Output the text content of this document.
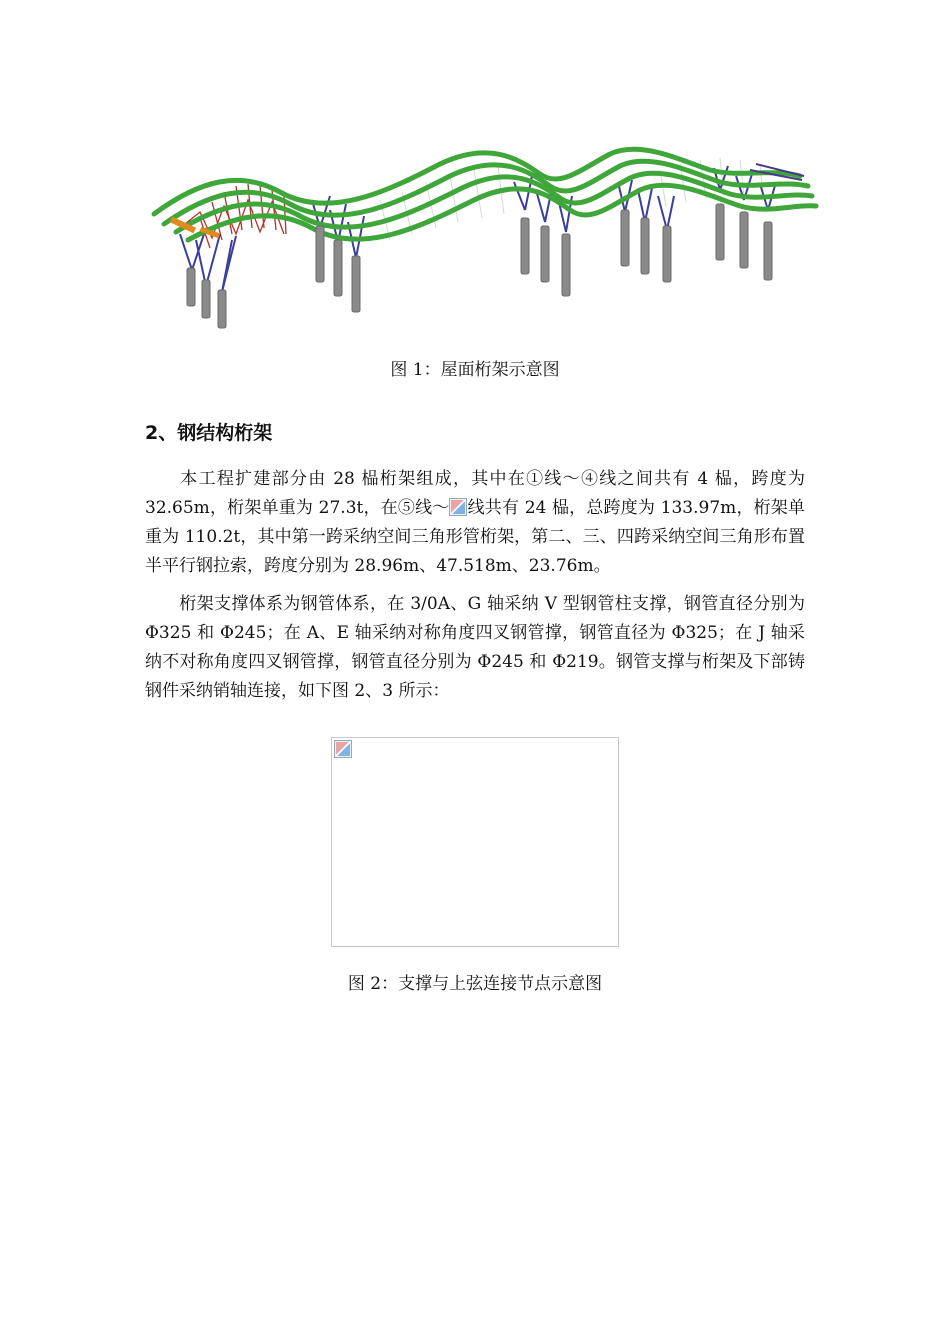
图 1：屋面桁架示意图
2、钢结构桁架

本工程扩建部分由 28 榀桁架组成，其中在①线～④线之间共有 4 榀，跨度为 32.65m，桁架单重为 27.3t，在⑤线～ 线共有 24 榀，总跨度为 133.97m，桁架单重为 110.2t，其中第一跨采纳空间三角形管桁架，第二、三、四跨采纳空间三角形布置半平行钢拉索，跨度分别为 28.96m、47.518m、23.76m。

桁架支撑体系为钢管体系，在 3/0A、G 轴采纳 V 型钢管柱支撑，钢管直径分别为 Φ325 和 Φ245；在 A、E 轴采纳对称角度四叉钢管撑，钢管直径为 Φ325；在 J 轴采纳不对称角度四叉钢管撑，钢管直径分别为 Φ245 和 Φ219。钢管支撑与桁架及下部铸钢件采纳销轴连接，如下图 2、3 所示：

图 2：支撑与上弦连接节点示意图
